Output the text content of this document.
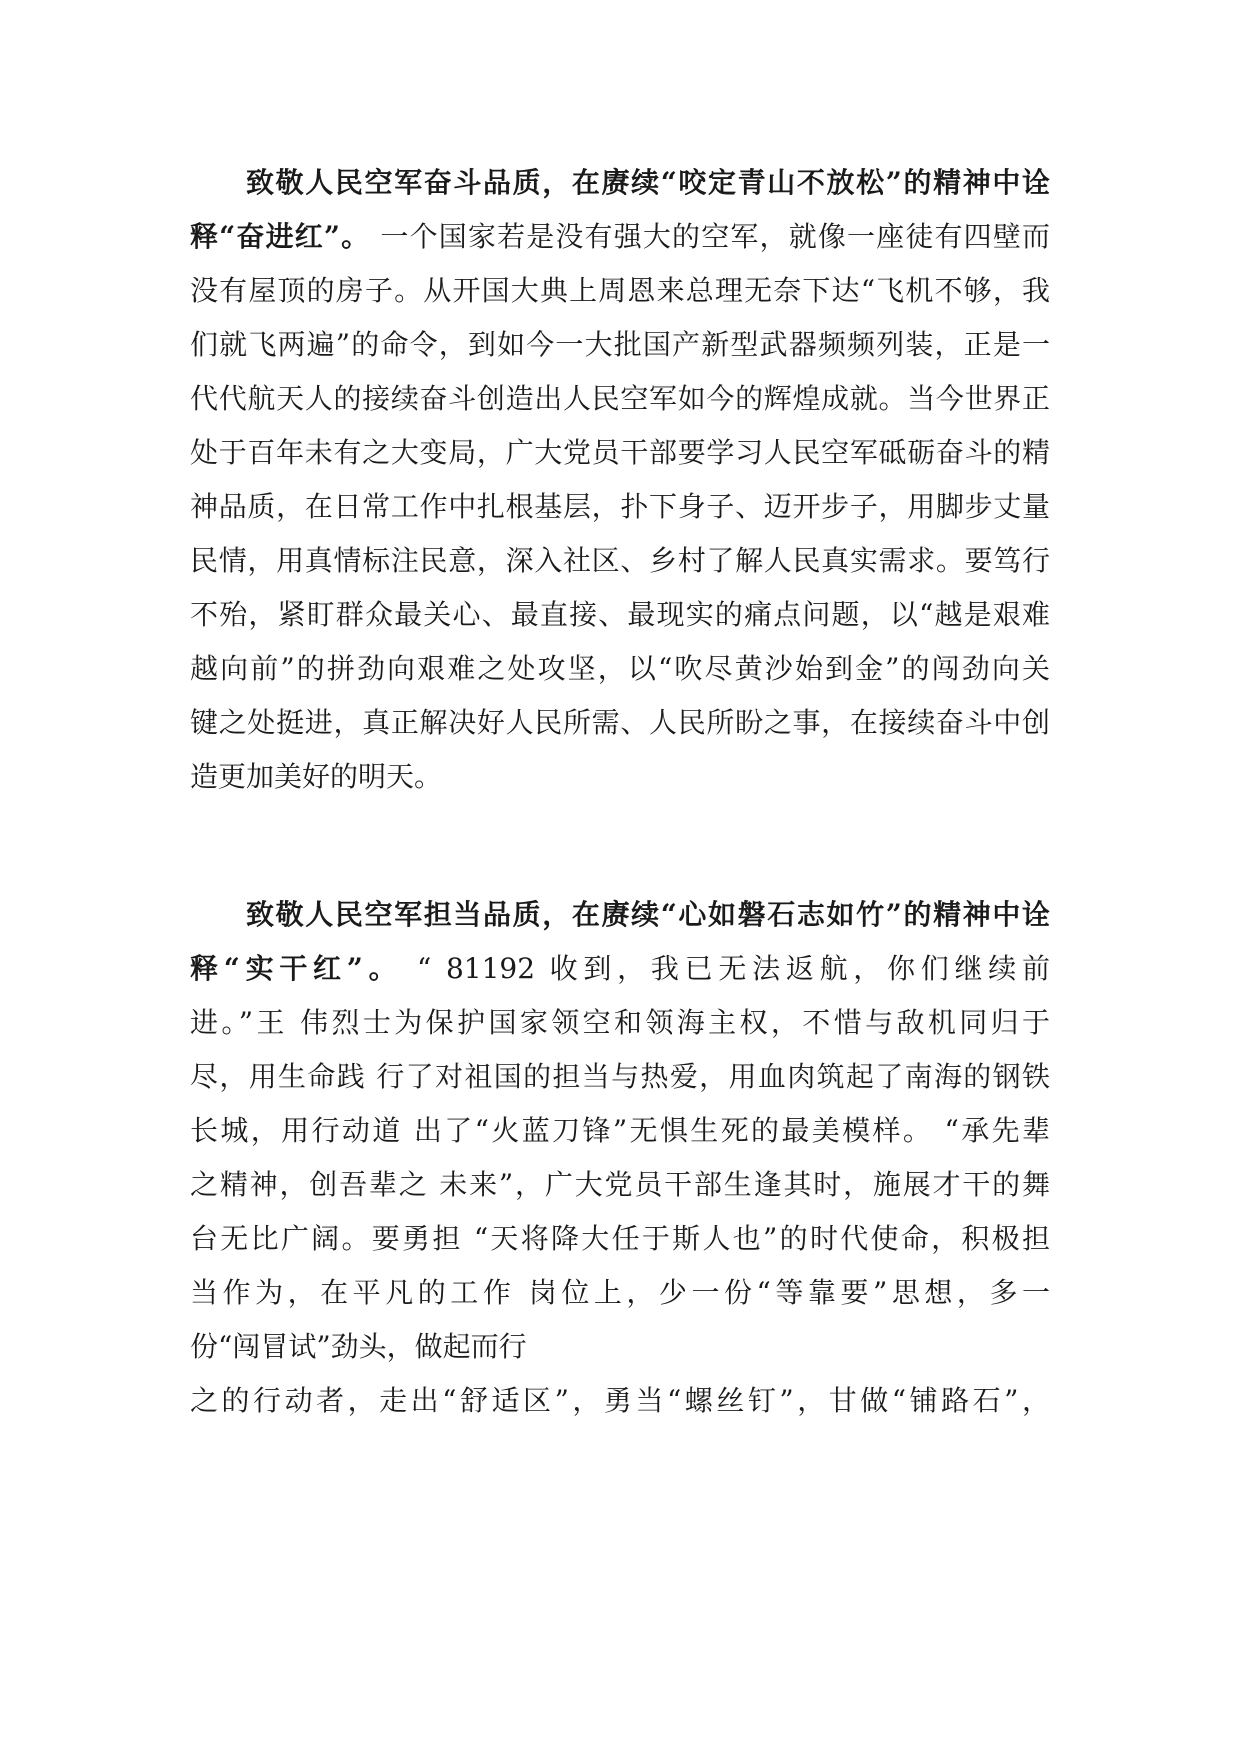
致敬人民空军奋斗品质，在赓续“咬定青山不放松”的精神中诠
释“奋进红”。 一个国家若是没有强大的空军，就像一座徒有四壁而
没有屋顶的房子。从开国大典上周恩来总理无奈下达“飞机不够，我
们就飞两遍”的命令，到如今一大批国产新型武器频频列装，正是一
代代航天人的接续奋斗创造出人民空军如今的辉煌成就。当今世界正
处于百年未有之大变局，广大党员干部要学习人民空军砥砺奋斗的精
神品质，在日常工作中扎根基层，扑下身子、迈开步子，用脚步丈量
民情，用真情标注民意，深入社区、乡村了解人民真实需求。要笃行
不殆，紧盯群众最关心、最直接、最现实的痛点问题，以“越是艰难
越向前”的拼劲向艰难之处攻坚，以“吹尽黄沙始到金”的闯劲向关
键之处挺进，真正解决好人民所需、人民所盼之事，在接续奋斗中创
造更加美好的明天。
致敬人民空军担当品质，在赓续“心如磐石志如竹”的精神中诠
释“实干红”。 “ 81192 收到，我已无法返航，你们继续前
进。”王 伟烈士为保护国家领空和领海主权，不惜与敌机同归于
尽，用生命践 行了对祖国的担当与热爱，用血肉筑起了南海的钢铁
长城，用行动道 出了“火蓝刀锋”无惧生死的最美模样。 “承先辈
之精神，创吾辈之 未来”，广大党员干部生逢其时，施展才干的舞
台无比广阔。要勇担 “天将降大任于斯人也”的时代使命，积极担
当作为，在平凡的工作 岗位上，少一份“等靠要”思想，多一
份“闯冒试”劲头，做起而行
之的行动者，走出“舒适区”，勇当“螺丝钉”，甘做“铺路石”，
